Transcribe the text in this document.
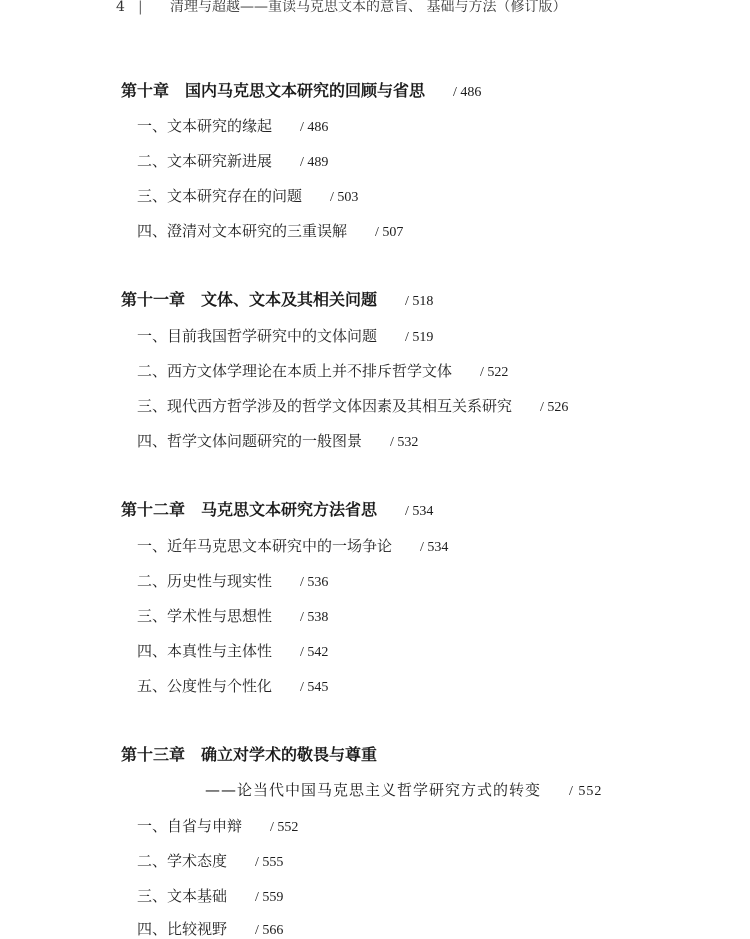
4 | 清理与超越——重读马克思文本的意旨、 基础与方法（修订版）
第十章 国内马克思文本研究的回顾与省思 / 486
一、文本研究的缘起 / 486
二、文本研究新进展 / 489
三、文本研究存在的问题 / 503
四、澄清对文本研究的三重误解 / 507
第十一章 文体、文本及其相关问题 / 518
一、目前我国哲学研究中的文体问题 / 519
二、西方文体学理论在本质上并不排斥哲学文体 / 522
三、现代西方哲学涉及的哲学文体因素及其相互关系研究 / 526
四、哲学文体问题研究的一般图景 / 532
第十二章 马克思文本研究方法省思 / 534
一、近年马克思文本研究中的一场争论 / 534
二、历史性与现实性 / 536
三、学术性与思想性 / 538
四、本真性与主体性 / 542
五、公度性与个性化 / 545
第十三章 确立对学术的敬畏与尊重
——论当代中国马克思主义哲学研究方式的转变 / 552
一、自省与申辩 / 552
二、学术态度 / 555
三、文本基础 / 559
四、比较视野 / 566
